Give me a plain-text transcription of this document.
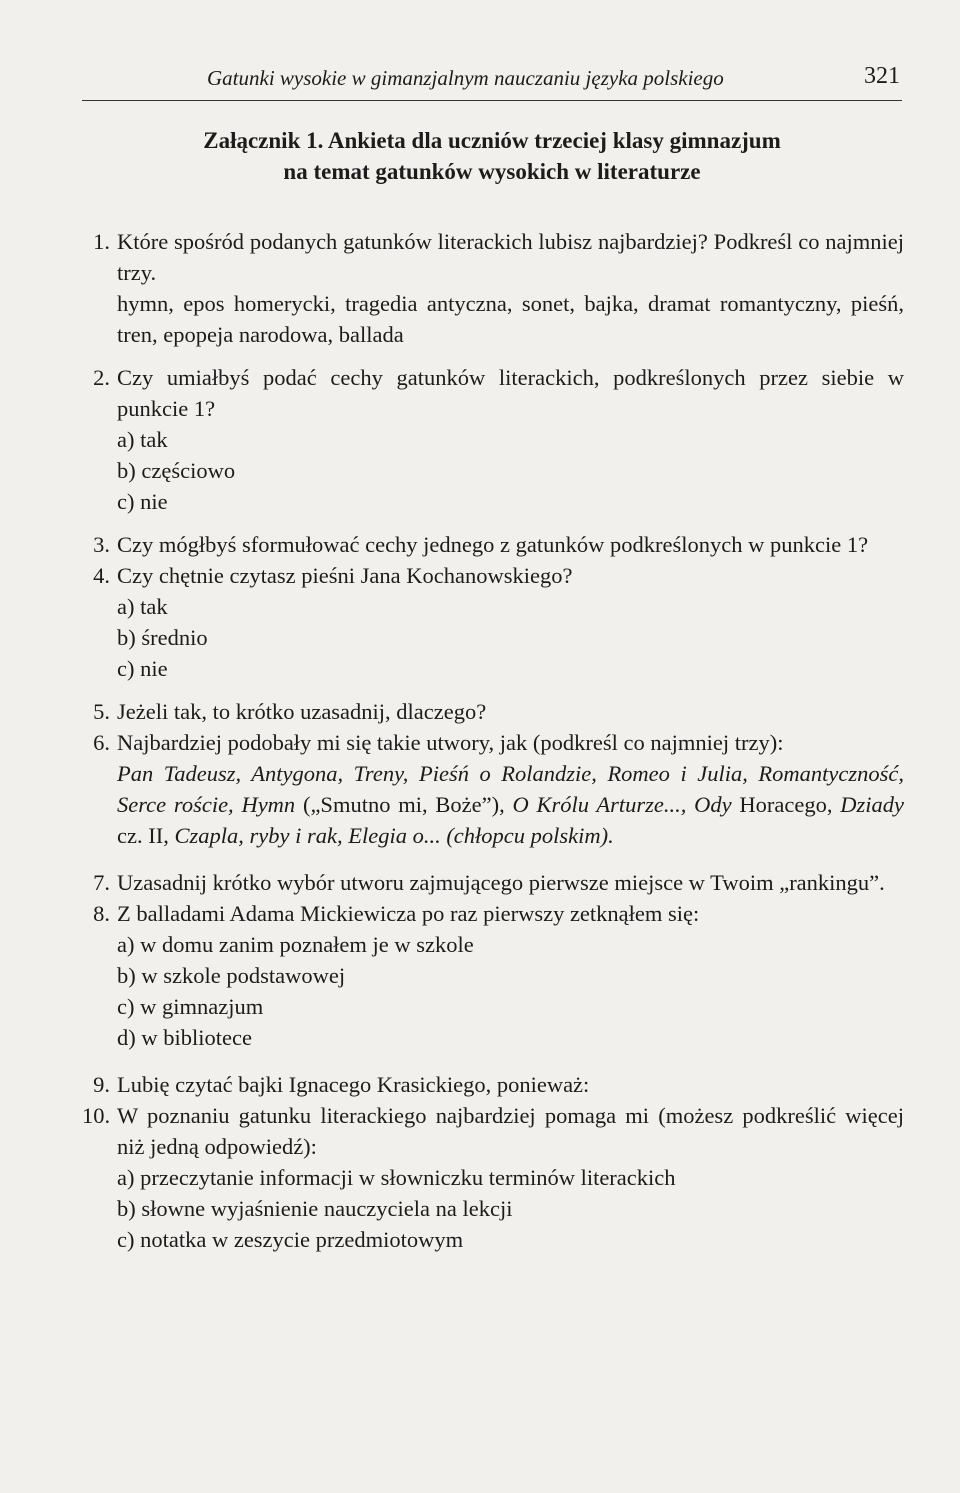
Gatunki wysokie w gimanzjalnym nauczaniu języka polskiego	321
Załącznik 1. Ankieta dla uczniów trzeciej klasy gimnazjum
na temat gatunków wysokich w literaturze
1. Które spośród podanych gatunków literackich lubisz najbardziej? Podkreśl co najmniej trzy.
hymn, epos homerycki, tragedia antyczna, sonet, bajka, dramat romantyczny, pieśń, tren, epopeja narodowa, ballada
2. Czy umiałbyś podać cechy gatunków literackich, podkreślonych przez siebie w punkcie 1?
a) tak
b) częściowo
c) nie
3. Czy mógłbyś sformułować cechy jednego z gatunków podkreślonych w punkcie 1?
4. Czy chętnie czytasz pieśni Jana Kochanowskiego?
a) tak
b) średnio
c) nie
5. Jeżeli tak, to krótko uzasadnij, dlaczego?
6. Najbardziej podobały mi się takie utwory, jak (podkreśl co najmniej trzy):
Pan Tadeusz, Antygona, Treny, Pieśń o Rolandzie, Romeo i Julia, Romantyczność, Serce roście, Hymn („Smutno mi, Boże”), O Królu Arturze..., Ody Horacego, Dziady cz. II, Czapla, ryby i rak, Elegia o... (chłopcu polskim).
7. Uzasadnij krótko wybór utworu zajmującego pierwsze miejsce w Twoim „rankingu”.
8. Z balladami Adama Mickiewicza po raz pierwszy zetknąłem się:
a) w domu zanim poznałem je w szkole
b) w szkole podstawowej
c) w gimnazjum
d) w bibliotece
9. Lubię czytać bajki Ignacego Krasickiego, ponieważ:
10. W poznaniu gatunku literackiego najbardziej pomaga mi (możesz podkreślić więcej niż jedną odpowiedź):
a) przeczytanie informacji w słowniczku terminów literackich
b) słowne wyjaśnienie nauczyciela na lekcji
c) notatka w zeszycie przedmiotowym
